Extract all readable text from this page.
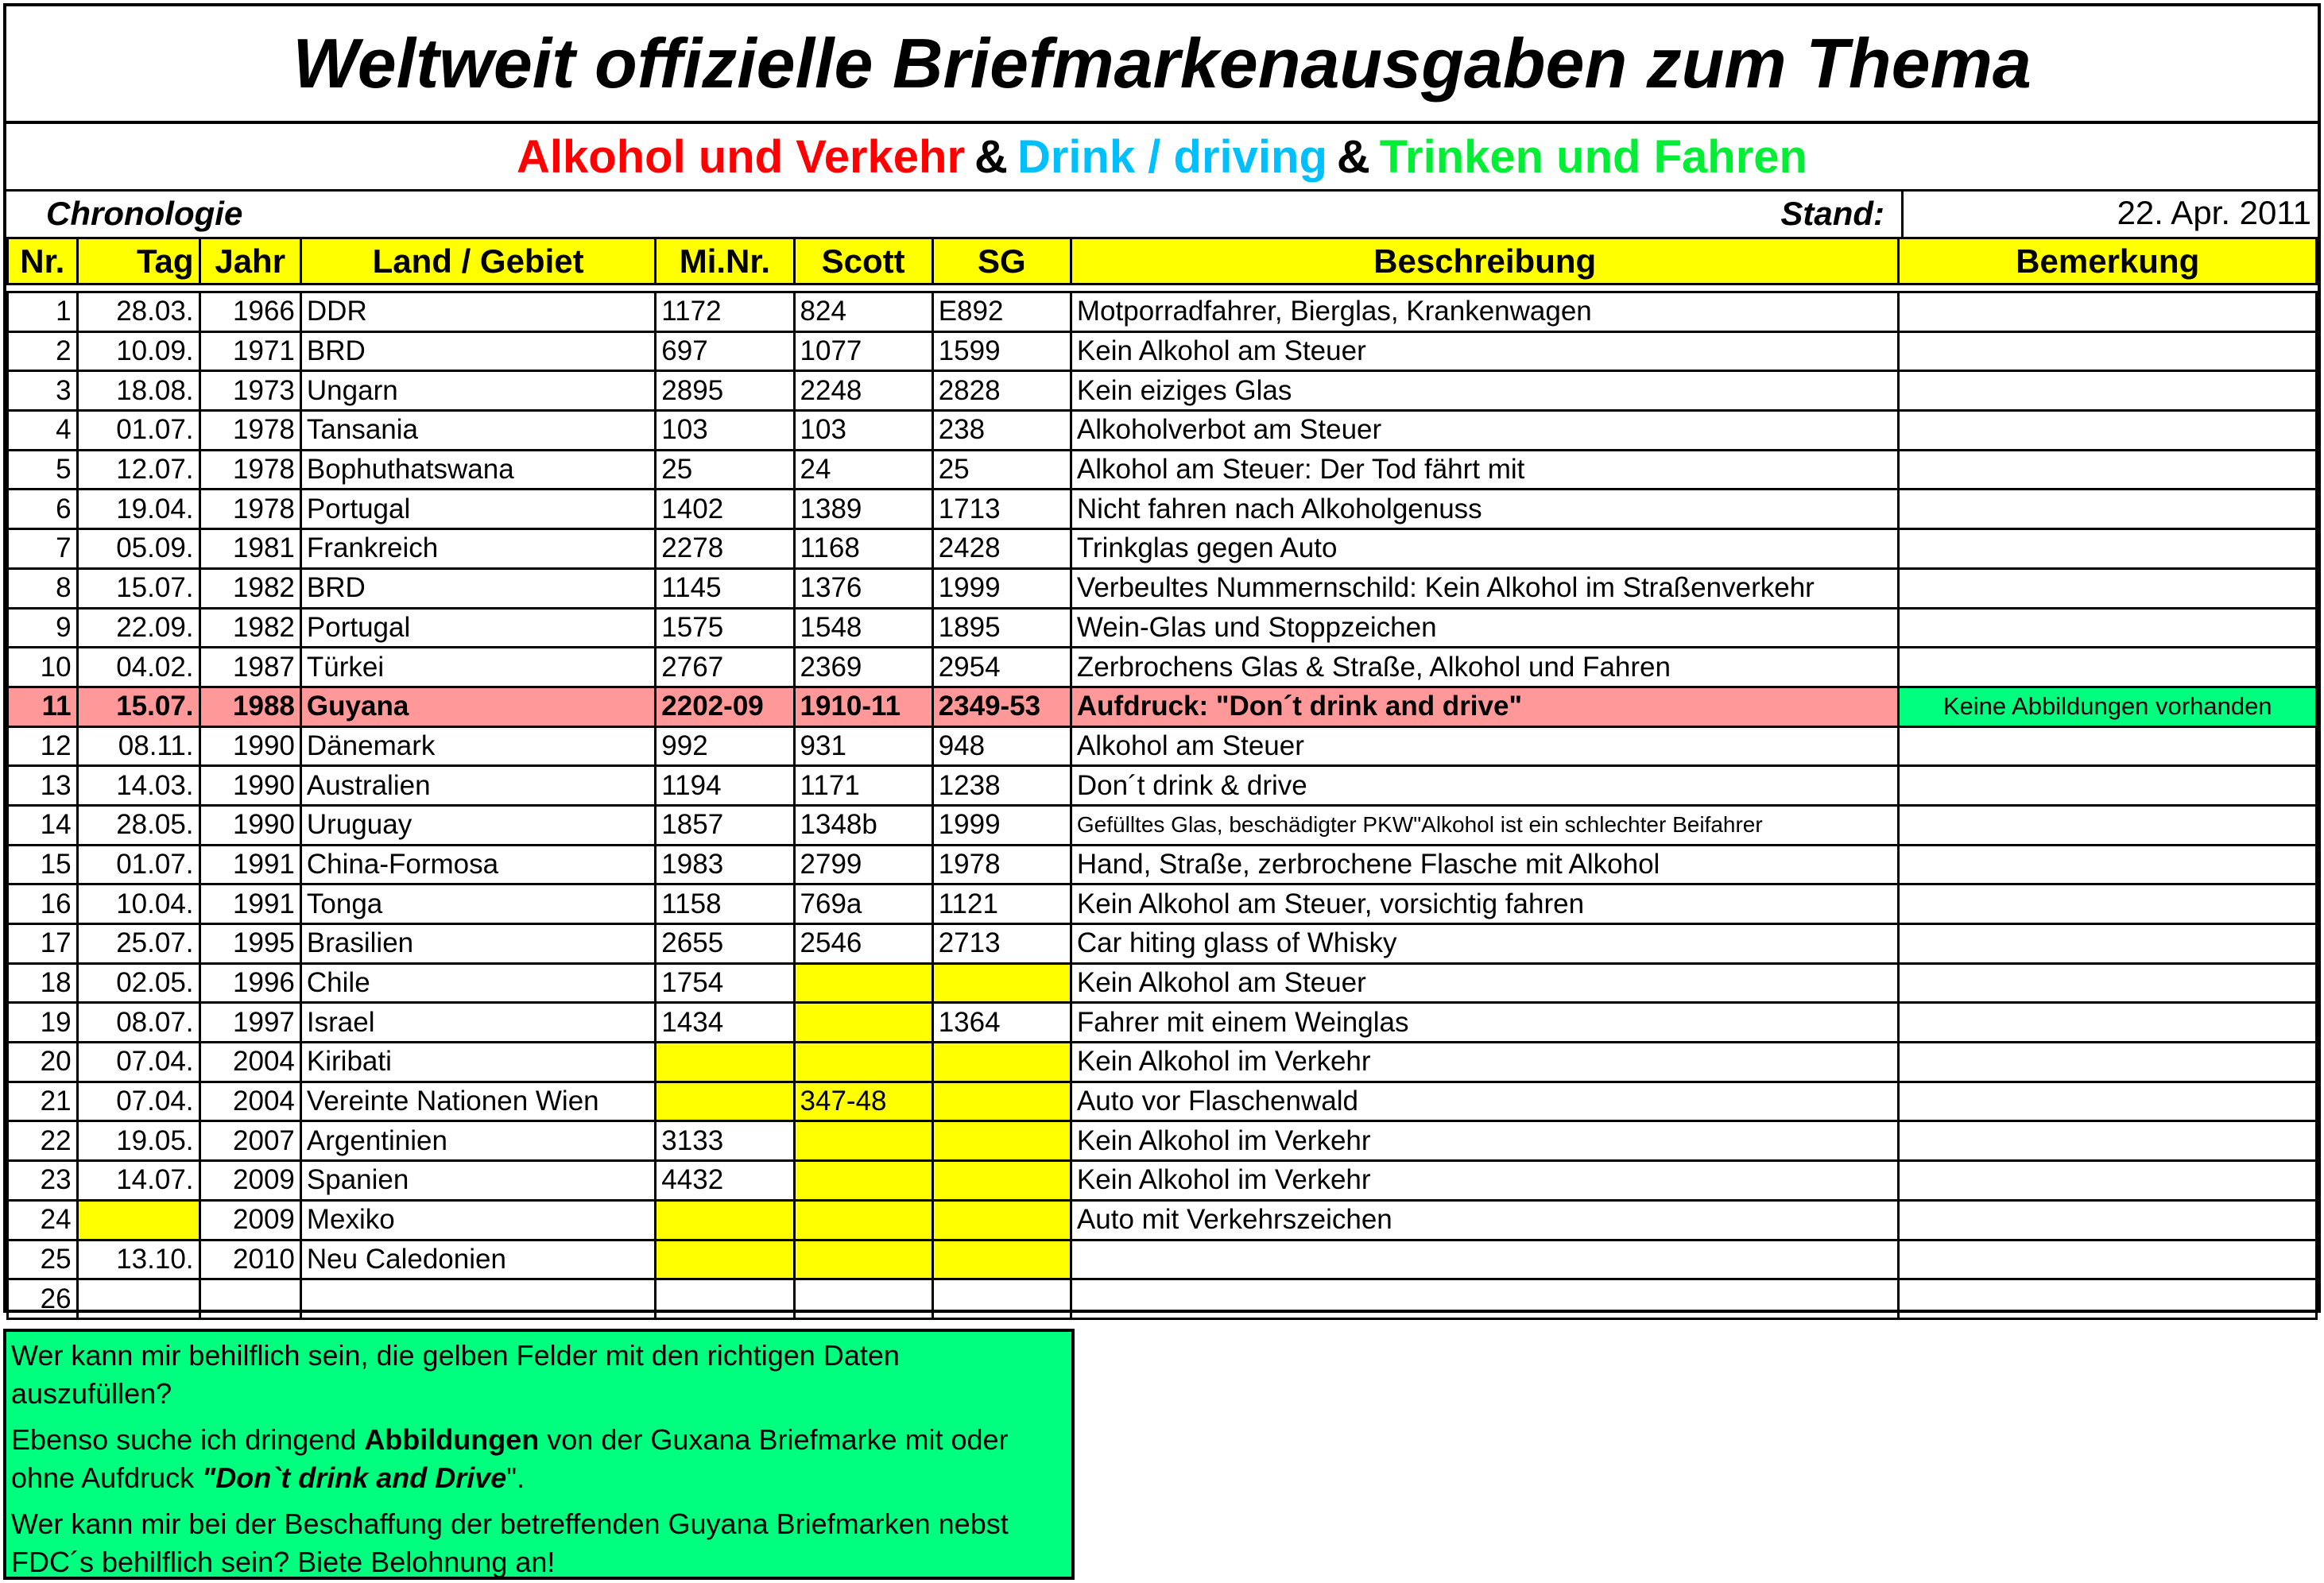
Weltweit offizielle Briefmarkenausgaben zum Thema
Alkohol und Verkehr & Drink / driving & Trinken und Fahren
Chronologie	Stand:	22. Apr. 2011
Nr.	Tag	Jahr	Land / Gebiet	Mi.Nr.	Scott	SG	Beschreibung	Bemerkung

1	28.03.	1966	DDR	1172	824	E892	Motporradfahrer, Bierglas, Krankenwagen	
2	10.09.	1971	BRD	697	1077	1599	Kein Alkohol am Steuer	
3	18.08.	1973	Ungarn	2895	2248	2828	Kein eiziges Glas	
4	01.07.	1978	Tansania	103	103	238	Alkoholverbot am Steuer	
5	12.07.	1978	Bophuthatswana	25	24	25	Alkohol am Steuer: Der Tod fährt mit	
6	19.04.	1978	Portugal	1402	1389	1713	Nicht fahren nach Alkoholgenuss	
7	05.09.	1981	Frankreich	2278	1168	2428	Trinkglas gegen Auto	
8	15.07.	1982	BRD	1145	1376	1999	Verbeultes Nummernschild: Kein Alkohol im Straßenverkehr	
9	22.09.	1982	Portugal	1575	1548	1895	Wein-Glas und Stoppzeichen	
10	04.02.	1987	Türkei	2767	2369	2954	Zerbrochens Glas & Straße, Alkohol und Fahren	
11	15.07.	1988	Guyana	2202-09	1910-11	2349-53	Aufdruck: "Don´t drink and drive"	Keine Abbildungen vorhanden
12	08.11.	1990	Dänemark	992	931	948	Alkohol am Steuer	
13	14.03.	1990	Australien	1194	1171	1238	Don´t drink & drive	
14	28.05.	1990	Uruguay	1857	1348b	1999	Gefülltes Glas, beschädigter PKW"Alkohol ist ein schlechter Beifahrer	
15	01.07.	1991	China-Formosa	1983	2799	1978	Hand, Straße, zerbrochene Flasche mit Alkohol	
16	10.04.	1991	Tonga	1158	769a	1121	Kein Alkohol am Steuer, vorsichtig fahren	
17	25.07.	1995	Brasilien	2655	2546	2713	Car hiting glass of Whisky	
18	02.05.	1996	Chile	1754			Kein Alkohol am Steuer	
19	08.07.	1997	Israel	1434		1364	Fahrer mit einem Weinglas	
20	07.04.	2004	Kiribati				Kein Alkohol im Verkehr	
21	07.04.	2004	Vereinte Nationen Wien		347-48		Auto vor Flaschenwald	
22	19.05.	2007	Argentinien	3133			Kein Alkohol im Verkehr	
23	14.07.	2009	Spanien	4432			Kein Alkohol im Verkehr	
24		2009	Mexiko				Auto mit Verkehrszeichen	
25	13.10.	2010	Neu Caledonien					
26								

Wer kann mir behilflich sein, die gelben Felder mit den richtigen Daten auszufüllen?

Ebenso suche ich dringend Abbildungen von der Guxana Briefmarke mit oder ohne Aufdruck "Don`t drink and Drive".

Wer kann mir bei der Beschaffung der betreffenden Guyana Briefmarken nebst FDC´s behilflich sein? Biete Belohnung an!
